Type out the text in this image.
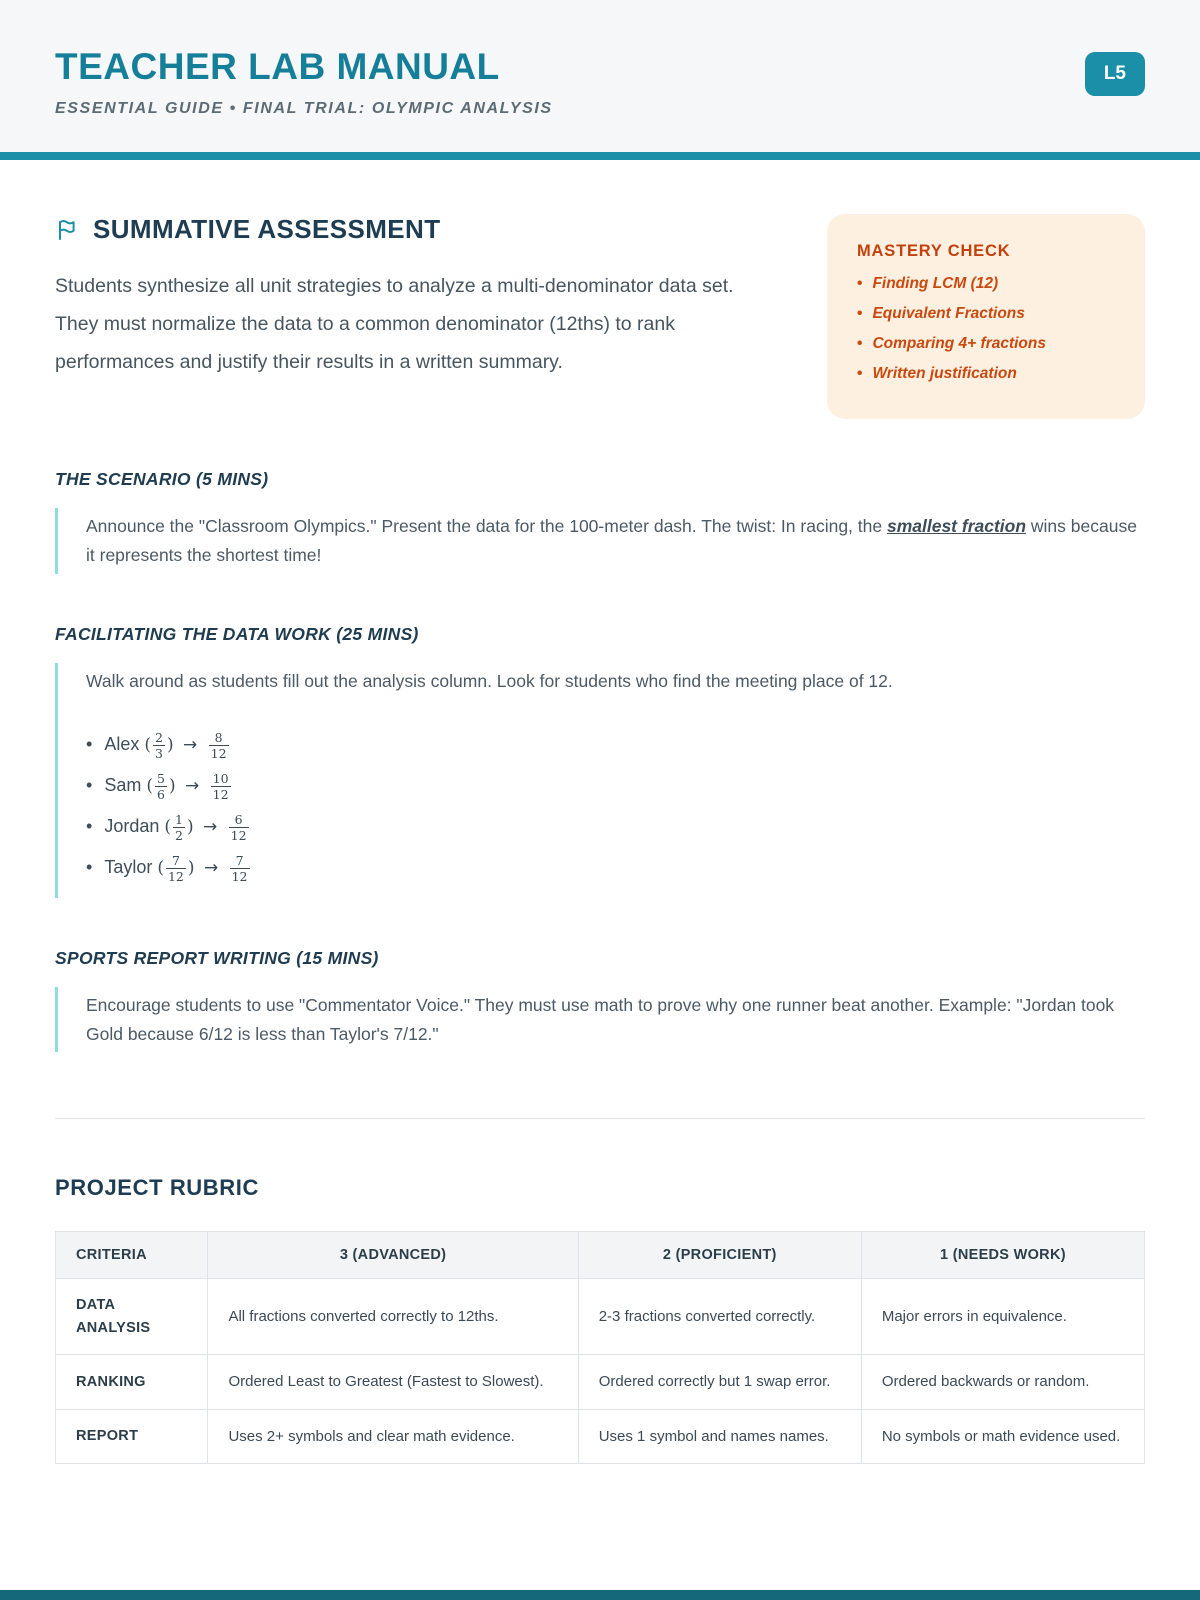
TEACHER LAB MANUAL
ESSENTIAL GUIDE • FINAL TRIAL: OLYMPIC ANALYSIS
L5
SUMMATIVE ASSESSMENT

Students synthesize all unit strategies to analyze a multi-denominator data set. They must normalize the data to a common denominator (12ths) to rank performances and justify their results in a written summary.

MASTERY CHECK
• Finding LCM (12)
• Equivalent Fractions
• Comparing 4+ fractions
• Written justification
THE SCENARIO (5 MINS)

Announce the "Classroom Olympics." Present the data for the 100-meter dash. The twist: In racing, the smallest fraction wins because it represents the shortest time!

FACILITATING THE DATA WORK (25 MINS)

Walk around as students fill out the analysis column. Look for students who find the meeting place of 12.

• Alex ( $\frac{2}{3}$ ) → $\frac{8}{12}$
• Sam ( $\frac{5}{6}$ ) → $\frac{10}{12}$
• Jordan ( $\frac{1}{2}$ ) → $\frac{6}{12}$
• Taylor ( $\frac{7}{12}$ ) → $\frac{7}{12}$
SPORTS REPORT WRITING (15 MINS)

Encourage students to use "Commentator Voice." They must use math to prove why one runner beat another. Example: "Jordan took Gold because 6/12 is less than Taylor's 7/12."

PROJECT RUBRIC
CRITERIA	3 (ADVANCED)	2 (PROFICIENT)	1 (NEEDS WORK)
DATA ANALYSIS	All fractions converted correctly to 12ths.	2-3 fractions converted correctly.	Major errors in equivalence.
RANKING	Ordered Least to Greatest (Fastest to Slowest).	Ordered correctly but 1 swap error.	Ordered backwards or random.
REPORT	Uses 2+ symbols and clear math evidence.	Uses 1 symbol and names names.	No symbols or math evidence used.
